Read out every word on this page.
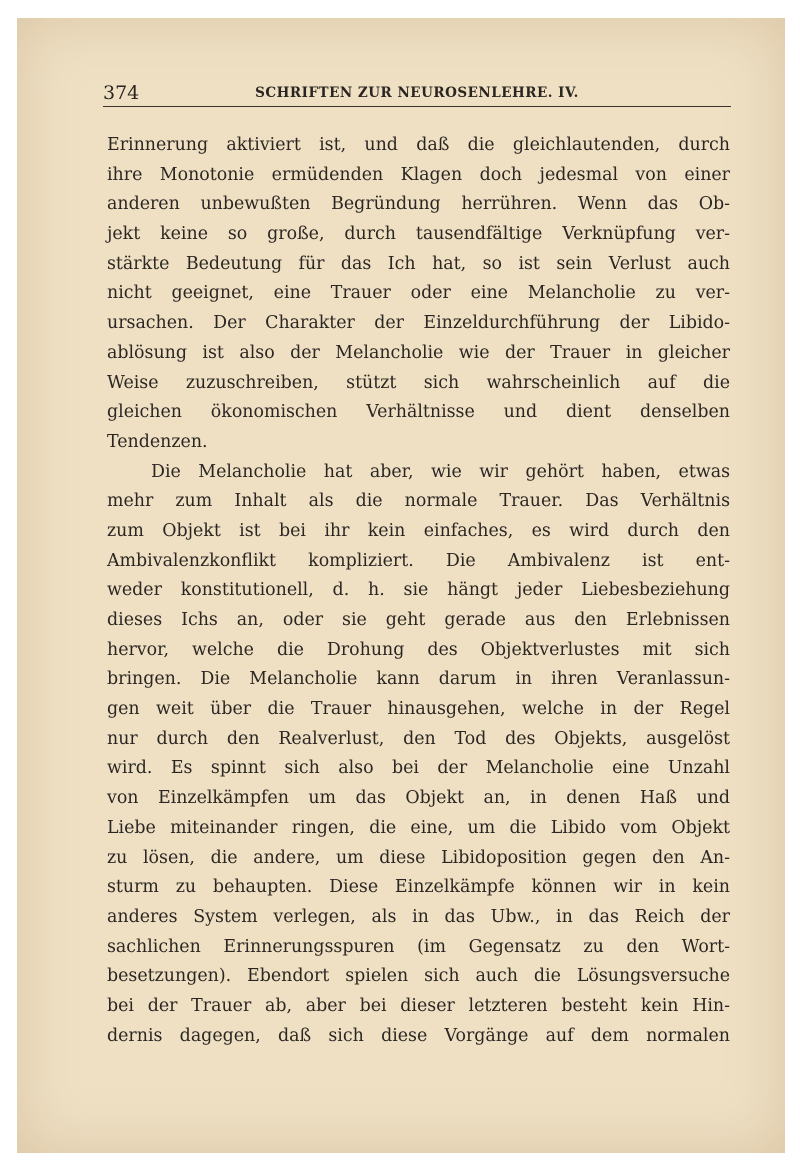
374	SCHRIFTEN ZUR NEUROSENLEHRE. IV.
Erinnerung aktiviert ist, und daß die gleichlautenden, durch
ihre Monotonie ermüdenden Klagen doch jedesmal von einer
anderen unbewußten Begründung herrühren. Wenn das Ob-
jekt keine so große, durch tausendfältige Verknüpfung ver-
stärkte Bedeutung für das Ich hat, so ist sein Verlust auch
nicht geeignet, eine Trauer oder eine Melancholie zu ver-
ursachen. Der Charakter der Einzeldurchführung der Libido-
ablösung ist also der Melancholie wie der Trauer in gleicher
Weise zuzuschreiben, stützt sich wahrscheinlich auf die
gleichen ökonomischen Verhältnisse und dient denselben
Tendenzen.
Die Melancholie hat aber, wie wir gehört haben, etwas
mehr zum Inhalt als die normale Trauer. Das Verhältnis
zum Objekt ist bei ihr kein einfaches, es wird durch den
Ambivalenzkonflikt kompliziert. Die Ambivalenz ist ent-
weder konstitutionell, d. h. sie hängt jeder Liebesbeziehung
dieses Ichs an, oder sie geht gerade aus den Erlebnissen
hervor, welche die Drohung des Objektverlustes mit sich
bringen. Die Melancholie kann darum in ihren Veranlassun-
gen weit über die Trauer hinausgehen, welche in der Regel
nur durch den Realverlust, den Tod des Objekts, ausgelöst
wird. Es spinnt sich also bei der Melancholie eine Unzahl
von Einzelkämpfen um das Objekt an, in denen Haß und
Liebe miteinander ringen, die eine, um die Libido vom Objekt
zu lösen, die andere, um diese Libidoposition gegen den An-
sturm zu behaupten. Diese Einzelkämpfe können wir in kein
anderes System verlegen, als in das Ubw., in das Reich der
sachlichen Erinnerungsspuren (im Gegensatz zu den Wort-
besetzungen). Ebendort spielen sich auch die Lösungsversuche
bei der Trauer ab, aber bei dieser letzteren besteht kein Hin-
dernis dagegen, daß sich diese Vorgänge auf dem normalen
